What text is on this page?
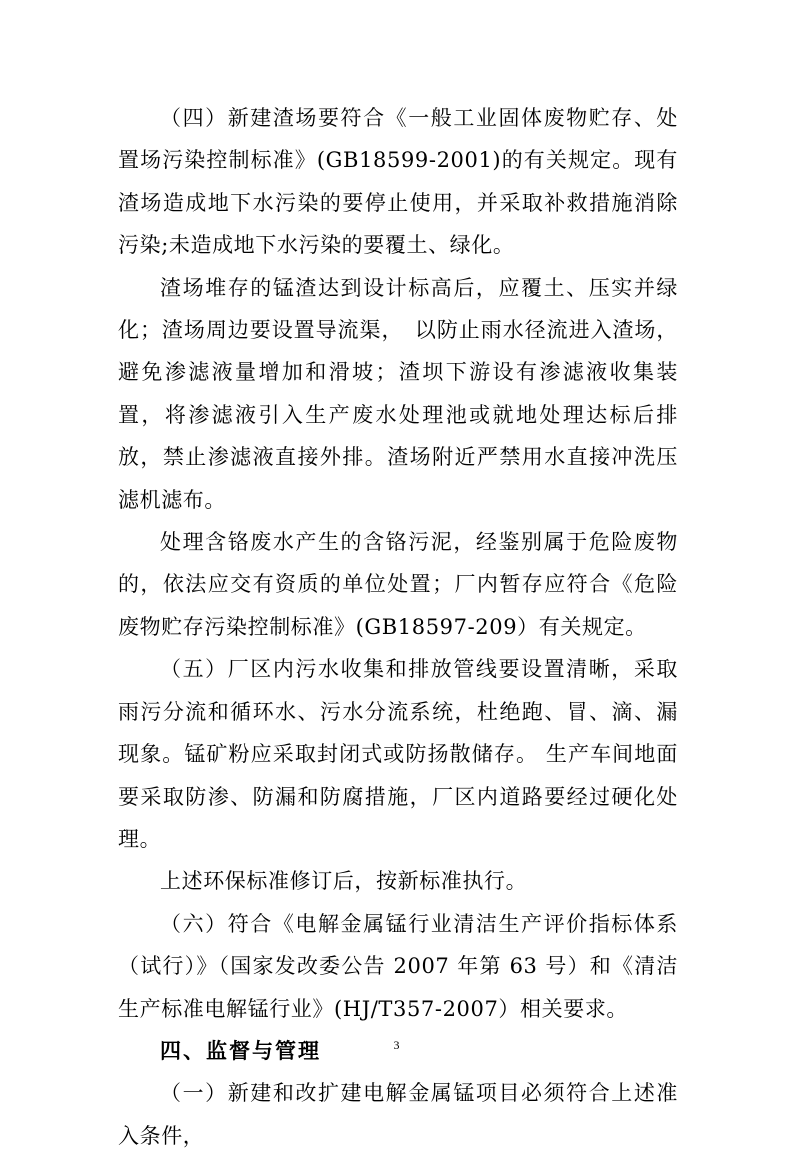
（四）新建渣场要符合《一般工业固体废物贮存、处置场污染控制标准》(GB18599-2001)的有关规定。现有渣场造成地下水污染的要停止使用，并采取补救措施消除污染;未造成地下水污染的要覆土、绿化。

渣场堆存的锰渣达到设计标高后，应覆土、压实并绿化；渣场周边要设置导流渠，　以防止雨水径流进入渣场，避免渗滤液量增加和滑坡；渣坝下游设有渗滤液收集装置，将渗滤液引入生产废水处理池或就地处理达标后排放，禁止渗滤液直接外排。渣场附近严禁用水直接冲洗压滤机滤布。

处理含铬废水产生的含铬污泥，经鉴别属于危险废物的，依法应交有资质的单位处置；厂内暂存应符合《危险废物贮存污染控制标准》(GB18597-209）有关规定。

（五）厂区内污水收集和排放管线要设置清晰，采取雨污分流和循环水、污水分流系统，杜绝跑、冒、滴、漏现象。锰矿粉应采取封闭式或防扬散储存。 生产车间地面要采取防渗、防漏和防腐措施，厂区内道路要经过硬化处理。

上述环保标准修订后，按新标准执行。

（六）符合《电解金属锰行业清洁生产评价指标体系（试行）》（国家发改委公告 2007 年第 63 号）和《清洁生产标准电解锰行业》(HJ/T357-2007）相关要求。

四、监督与管理

（一）新建和改扩建电解金属锰项目必须符合上述准入条件，

3
